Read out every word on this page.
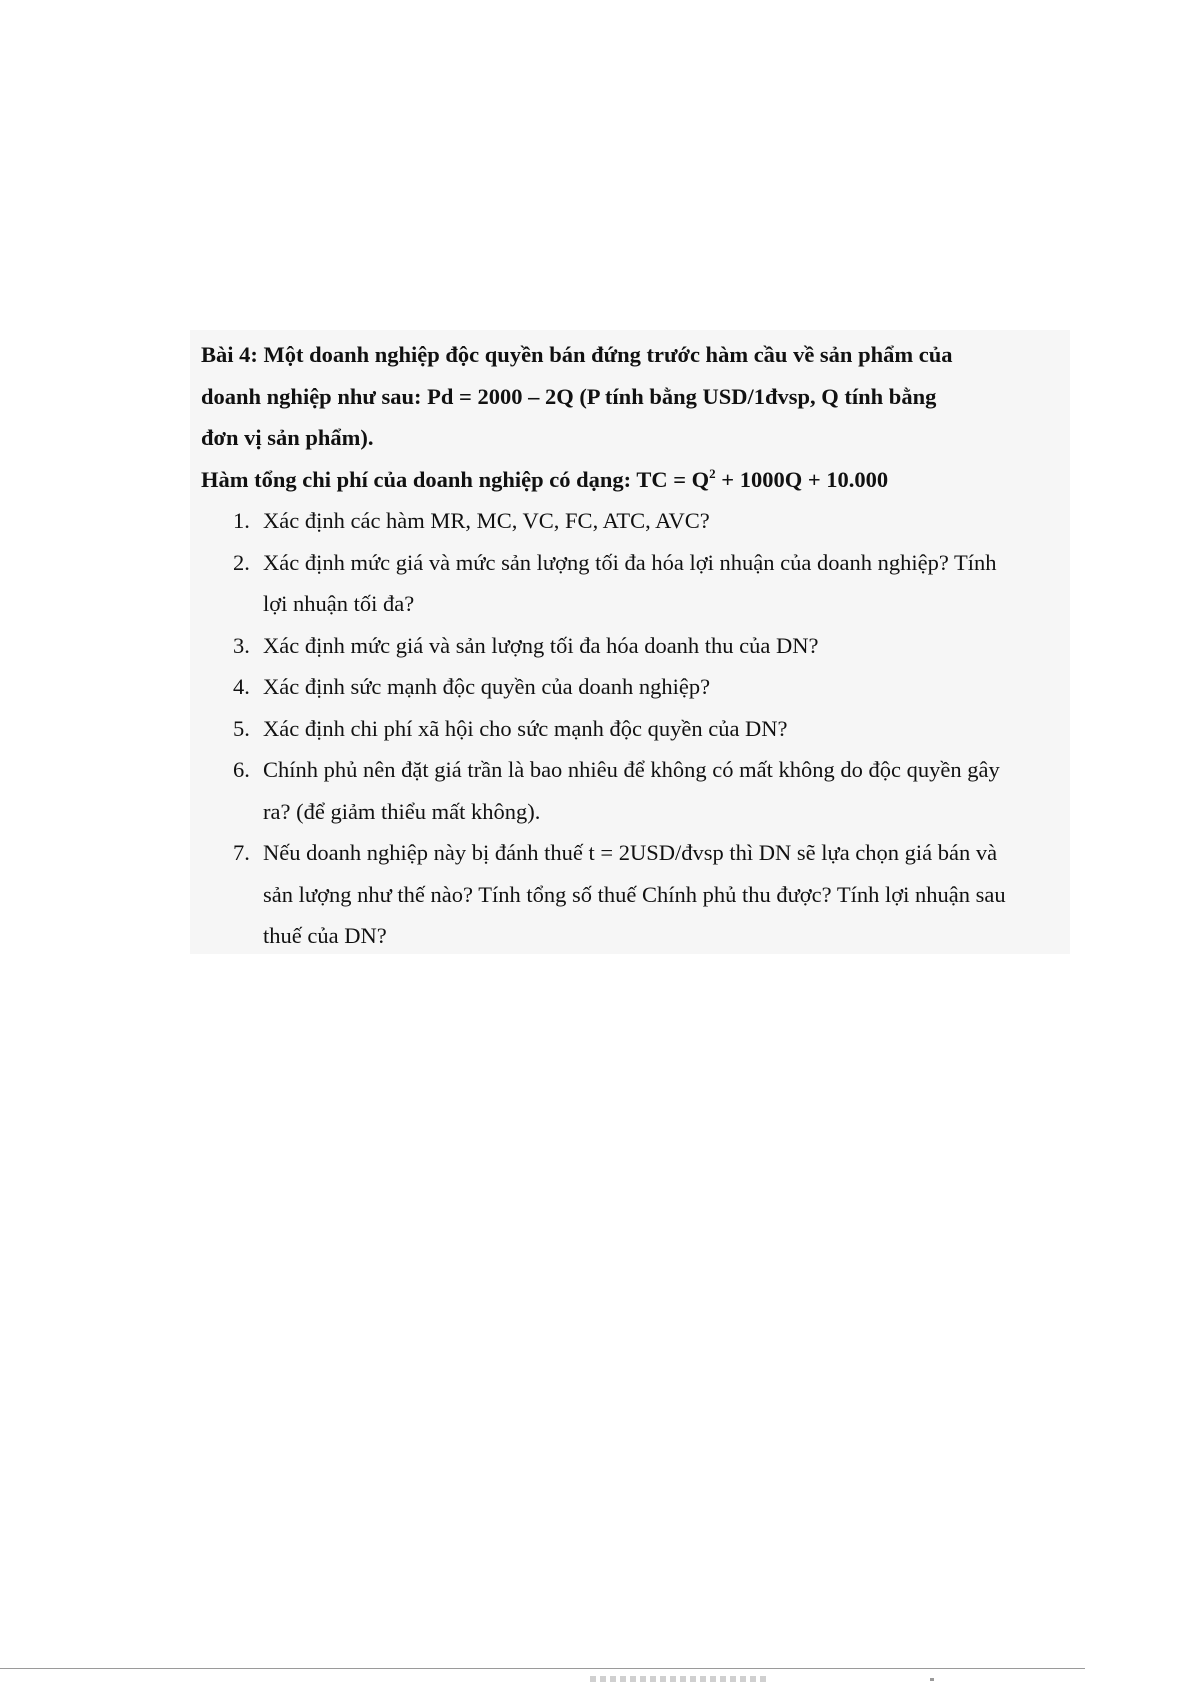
Bài 4: Một doanh nghiệp độc quyền bán đứng trước hàm cầu về sản phẩm của
doanh nghiệp như sau: Pd = 2000 – 2Q (P tính bằng USD/1đvsp, Q tính bằng
đơn vị sản phẩm).
Hàm tổng chi phí của doanh nghiệp có dạng: TC = $Q^2 + 1000Q + 10.000$
1. Xác định các hàm MR, MC, VC, FC, ATC, AVC?
2. Xác định mức giá và mức sản lượng tối đa hóa lợi nhuận của doanh nghiệp? Tính lợi nhuận tối đa?
3. Xác định mức giá và sản lượng tối đa hóa doanh thu của DN?
4. Xác định sức mạnh độc quyền của doanh nghiệp?
5. Xác định chi phí xã hội cho sức mạnh độc quyền của DN?
6. Chính phủ nên đặt giá trần là bao nhiêu để không có mất không do độc quyền gây ra? (để giảm thiểu mất không).
7. Nếu doanh nghiệp này bị đánh thuế t = 2USD/đvsp thì DN sẽ lựa chọn giá bán và sản lượng như thế nào? Tính tổng số thuế Chính phủ thu được? Tính lợi nhuận sau thuế của DN?
